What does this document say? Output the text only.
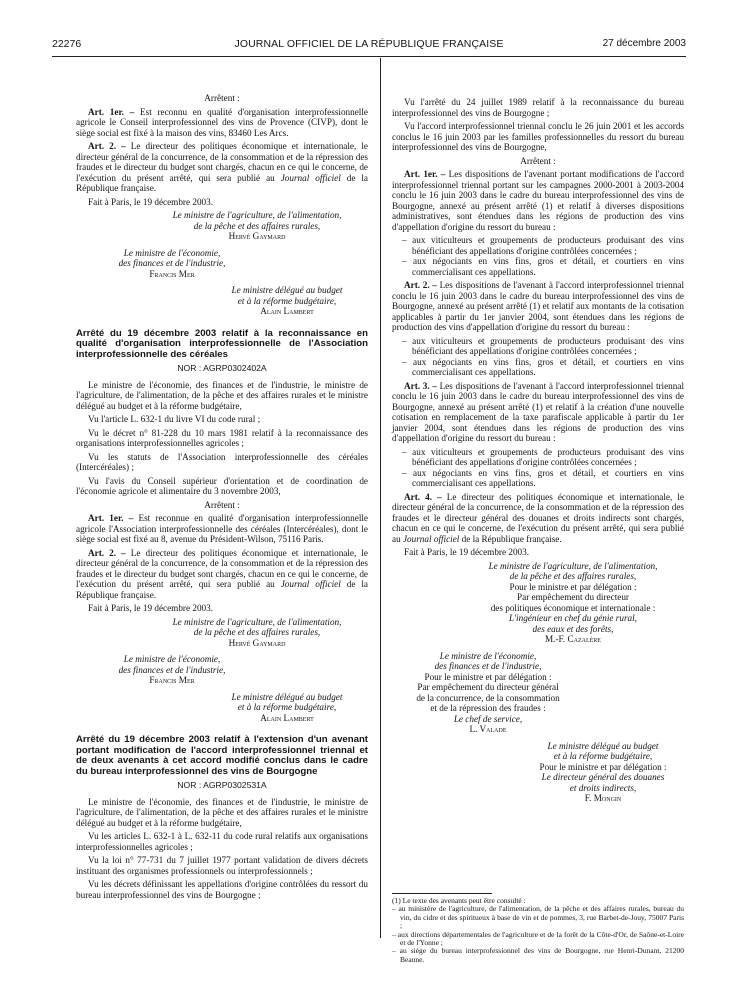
22276	JOURNAL OFFICIEL DE LA RÉPUBLIQUE FRANÇAISE	27 décembre 2003

Arrêtent :

Art. 1er. – Est reconnu en qualité d'organisation interprofessionnelle agricole le Conseil interprofessionnel des vins de Provence (CIVP), dont le siège social est fixé à la maison des vins, 83460 Les Arcs.

Art. 2. – Le directeur des politiques économique et internationale, le directeur général de la concurrence, de la consommation et de la répression des fraudes et le directeur du budget sont chargés, chacun en ce qui le concerne, de l'exécution du présent arrêté, qui sera publié au Journal officiel de la République française.

Fait à Paris, le 19 décembre 2003.

Le ministre de l'agriculture, de l'alimentation,
de la pêche et des affaires rurales,
Hervé Gaymard
Le ministre de l'économie,
des finances et de l'industrie,
Francis Mer
Le ministre délégué au budget
et à la réforme budgétaire,
Alain Lambert
Arrêté du 19 décembre 2003 relatif à la reconnaissance en qualité d'organisation interprofessionnelle de l'Association interprofessionnelle des céréales
NOR : AGRP0302402A

Le ministre de l'économie, des finances et de l'industrie, le ministre de l'agriculture, de l'alimentation, de la pêche et des affaires rurales et le ministre délégué au budget et à la réforme budgétaire,

Vu l'article L. 632-1 du livre VI du code rural ;

Vu le décret n° 81-228 du 10 mars 1981 relatif à la reconnaissance des organisations interprofessionnelles agricoles ;

Vu les statuts de l'Association interprofessionnelle des céréales (Intercéréales) ;

Vu l'avis du Conseil supérieur d'orientation et de coordination de l'économie agricole et alimentaire du 3 novembre 2003,

Arrêtent :

Art. 1er. – Est reconnue en qualité d'organisation interprofessionnelle agricole l'Association interprofessionnelle des céréales (Intercéréales), dont le siège social est fixé au 8, avenue du Président-Wilson, 75116 Paris.

Art. 2. – Le directeur des politiques économique et internationale, le directeur général de la concurrence, de la consommation et de la répression des fraudes et le directeur du budget sont chargés, chacun en ce qui le concerne, de l'exécution du présent arrêté, qui sera publié au Journal officiel de la République française.

Fait à Paris, le 19 décembre 2003.

Le ministre de l'agriculture, de l'alimentation,
de la pêche et des affaires rurales,
Hervé Gaymard
Le ministre de l'économie,
des finances et de l'industrie,
Francis Mer
Le ministre délégué au budget
et à la réforme budgétaire,
Alain Lambert
Arrêté du 19 décembre 2003 relatif à l'extension d'un avenant portant modification de l'accord interprofessionnel triennal et de deux avenants à cet accord modifié conclus dans le cadre du bureau interprofessionnel des vins de Bourgogne
NOR : AGRP0302531A

Le ministre de l'économie, des finances et de l'industrie, le ministre de l'agriculture, de l'alimentation, de la pêche et des affaires rurales et le ministre délégué au budget et à la réforme budgétaire,

Vu les articles L. 632-1 à L. 632-11 du code rural relatifs aux organisations interprofessionnelles agricoles ;

Vu la loi n° 77-731 du 7 juillet 1977 portant validation de divers décrets instituant des organismes professionnels ou interprofessionnels ;

Vu les décrets définissant les appellations d'origine contrôlées du ressort du bureau interprofessionnel des vins de Bourgogne ;

Vu l'arrêté du 24 juillet 1989 relatif à la reconnaissance du bureau interprofessionnel des vins de Bourgogne ;

Vu l'accord interprofessionnel triennal conclu le 26 juin 2001 et les accords conclus le 16 juin 2003 par les familles professionnelles du ressort du bureau interprofessionnel des vins de Bourgogne,

Arrêtent :

Art. 1er. – Les dispositions de l'avenant portant modifications de l'accord interprofessionnel triennal portant sur les campagnes 2000-2001 à 2003-2004 conclu le 16 juin 2003 dans le cadre du bureau interprofessionnel des vins de Bourgogne, annexé au présent arrêté (1) et relatif à diverses dispositions administratives, sont étendues dans les régions de production des vins d'appellation d'origine du ressort du bureau :

– aux viticulteurs et groupements de producteurs produisant des vins bénéficiant des appellations d'origine contrôlées concernées ;
– aux négociants en vins fins, gros et détail, et courtiers en vins commercialisant ces appellations.

Art. 2. – Les dispositions de l'avenant à l'accord interprofessionnel triennal conclu le 16 juin 2003 dans le cadre du bureau interprofessionnel des vins de Bourgogne, annexé au présent arrêté (1) et relatif aux montants de la cotisation applicables à partir du 1er janvier 2004, sont étendues dans les régions de production des vins d'appellation d'origine du ressort du bureau :

– aux viticulteurs et groupements de producteurs produisant des vins bénéficiant des appellations d'origine contrôlées concernées ;
– aux négociants en vins fins, gros et détail, et courtiers en vins commercialisant ces appellations.

Art. 3. – Les dispositions de l'avenant à l'accord interprofessionnel triennal conclu le 16 juin 2003 dans le cadre du bureau interprofessionnel des vins de Bourgogne, annexé au présent arrêté (1) et relatif à la création d'une nouvelle cotisation en remplacement de la taxe parafiscale applicable à partir du 1er janvier 2004, sont étendues dans les régions de production des vins d'appellation d'origine du ressort du bureau :

– aux viticulteurs et groupements de producteurs produisant des vins bénéficiant des appellations d'origine contrôlées concernées ;
– aux négociants en vins fins, gros et détail, et courtiers en vins commercialisant ces appellations.

Art. 4. – Le directeur des politiques économique et internationale, le directeur général de la concurrence, de la consommation et de la répression des fraudes et le directeur général des douanes et droits indirects sont chargés, chacun en ce qui le concerne, de l'exécution du présent arrêté, qui sera publié au Journal officiel de la République française.

Fait à Paris, le 19 décembre 2003.

Le ministre de l'agriculture, de l'alimentation,
de la pêche et des affaires rurales,
Pour le ministre et par délégation :
Par empêchement du directeur
des politiques économique et internationale :
L'ingénieur en chef du génie rural,
des eaux et des forêts,
M.-F. Cazalère
Le ministre de l'économie,
des finances et de l'industrie,
Pour le ministre et par délégation :
Par empêchement du directeur général
de la concurrence, de la consommation
et de la répression des fraudes :
Le chef de service,
L. Valade
Le ministre délégué au budget
et à la réforme budgétaire,
Pour le ministre et par délégation :
Le directeur général des douanes
et droits indirects,
F. Mongin

(1) Le texte des avenants peut être consulté :

– au ministère de l'agriculture, de l'alimentation, de la pêche et des affaires rurales, bureau du vin, du cidre et des spiritueux à base de vin et de pommes, 3, rue Barbet-de-Jouy, 75007 Paris ;
– aux directions départementales de l'agriculture et de la forêt de la Côte-d'Or, de Saône-et-Loire et de l'Yonne ;
– au siège du bureau interprofessionnel des vins de Bourgogne, rue Henri-Dunant, 21200 Beaune.
